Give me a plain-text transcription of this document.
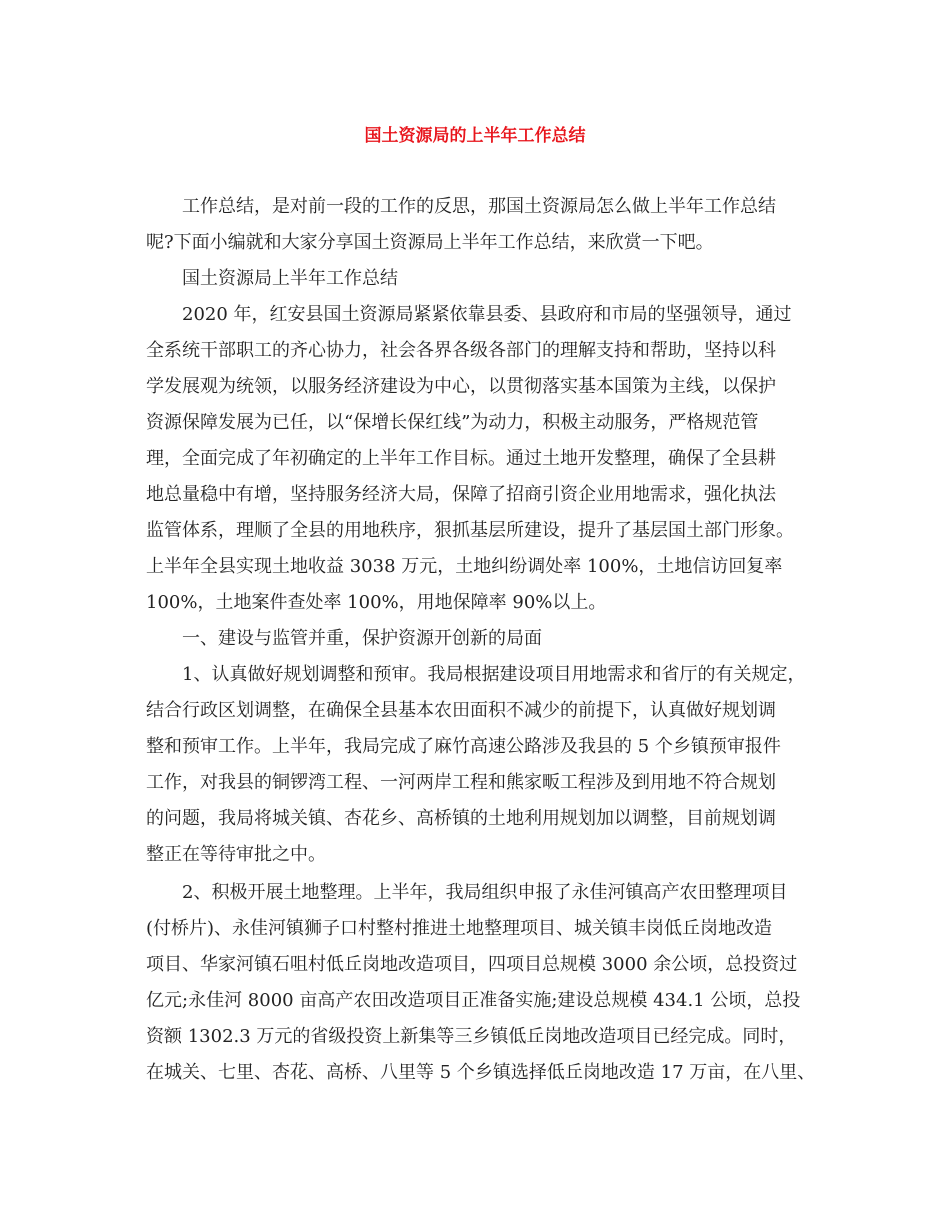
国土资源局的上半年工作总结

工作总结，是对前一段的工作的反思，那国土资源局怎么做上半年工作总结

呢?下面小编就和大家分享国土资源局上半年工作总结，来欣赏一下吧。

国土资源局上半年工作总结

2020 年，红安县国土资源局紧紧依靠县委、县政府和市局的坚强领导，通过

全系统干部职工的齐心协力，社会各界各级各部门的理解支持和帮助，坚持以科

学发展观为统领，以服务经济建设为中心，以贯彻落实基本国策为主线，以保护

资源保障发展为已任，以“保增长保红线”为动力，积极主动服务，严格规范管

理，全面完成了年初确定的上半年工作目标。通过土地开发整理，确保了全县耕

地总量稳中有增，坚持服务经济大局，保障了招商引资企业用地需求，强化执法

监管体系，理顺了全县的用地秩序，狠抓基层所建设，提升了基层国土部门形象。

上半年全县实现土地收益 3038 万元，土地纠纷调处率 100%，土地信访回复率

100%，土地案件查处率 100%，用地保障率 90%以上。

一、建设与监管并重，保护资源开创新的局面

1、认真做好规划调整和预审。我局根据建设项目用地需求和省厅的有关规定，

结合行政区划调整，在确保全县基本农田面积不减少的前提下，认真做好规划调

整和预审工作。上半年，我局完成了麻竹高速公路涉及我县的 5 个乡镇预审报件

工作，对我县的铜锣湾工程、一河两岸工程和熊家畈工程涉及到用地不符合规划

的问题，我局将城关镇、杏花乡、高桥镇的土地利用规划加以调整，目前规划调

整正在等待审批之中。

2、积极开展土地整理。上半年，我局组织申报了永佳河镇高产农田整理项目

(付桥片)、永佳河镇狮子口村整村推进土地整理项目、城关镇丰岗低丘岗地改造

项目、华家河镇石咀村低丘岗地改造项目，四项目总规模 3000 余公顷，总投资过

亿元;永佳河 8000 亩高产农田改造项目正准备实施;建设总规模 434.1 公顷，总投

资额 1302.3 万元的省级投资上新集等三乡镇低丘岗地改造项目已经完成。同时，

在城关、七里、杏花、高桥、八里等 5 个乡镇选择低丘岗地改造 17 万亩，在八里、
